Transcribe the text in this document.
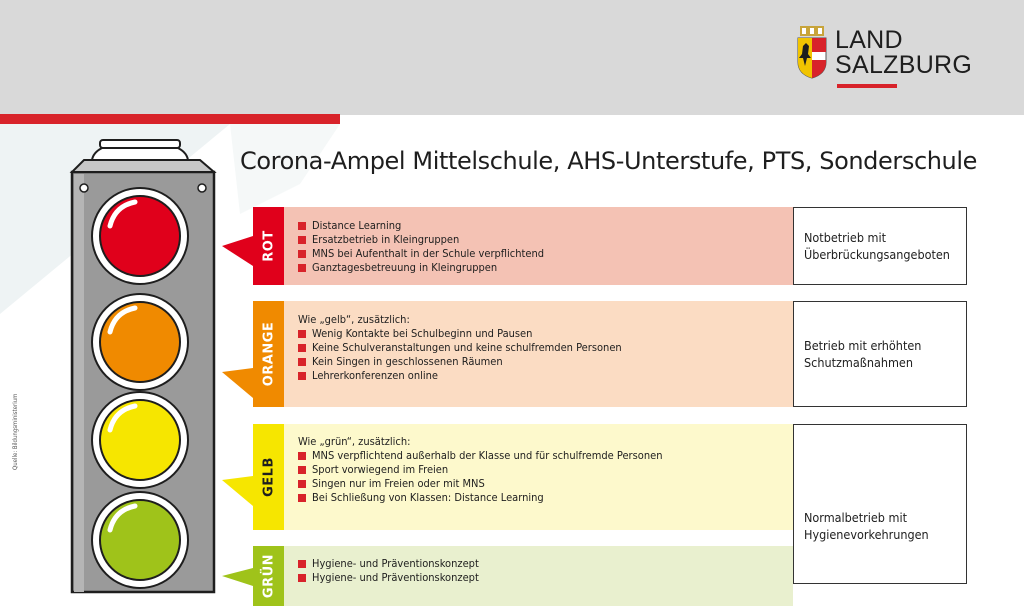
LAND
SALZBURG
Quelle: Bildungsministerium
Corona-Ampel Mittelschule, AHS-Unterstufe, PTS, Sonderschule
ROT
Distance Learning
Ersatzbetrieb in Kleingruppen
MNS bei Aufenthalt in der Schule verpflichtend
Ganztagesbetreuung in Kleingruppen

Notbetrieb mit
Überbrückungsangeboten

ORANGE
Wie „gelb“, zusätzlich:
Wenig Kontakte bei Schulbeginn und Pausen
Keine Schulveranstaltungen und keine schulfremden Personen
Kein Singen in geschlossenen Räumen
Lehrerkonferenzen online

Betrieb mit erhöhten
Schutzmaßnahmen

GELB
Wie „grün“, zusätzlich:
MNS verpflichtend außerhalb der Klasse und für schulfremde Personen
Sport vorwiegend im Freien
Singen nur im Freien oder mit MNS
Bei Schließung von Klassen: Distance Learning

Normalbetrieb mit
Hygienevorkehrungen

GRÜN	Hygiene- und Präventionskonzept
Hygiene- und Präventionskonzept
